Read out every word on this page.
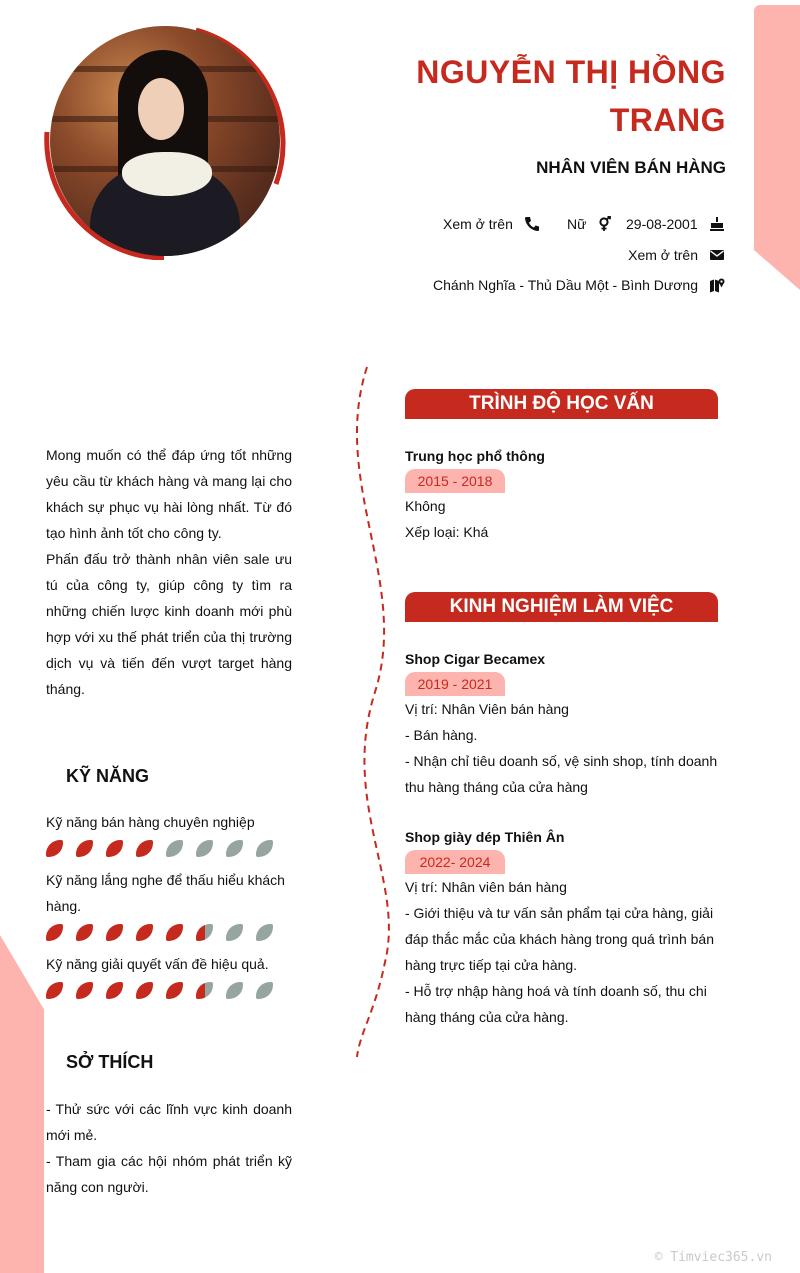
NGUYỄN THỊ HỒNG TRANG
NHÂN VIÊN BÁN HÀNG
Xem ở trên	Nữ	29-08-2001
Xem ở trên
Chánh Nghĩa - Thủ Dầu Một - Bình Dương
Mong muốn có thể đáp ứng tốt những yêu cầu từ khách hàng và mang lại cho khách sự phục vụ hài lòng nhất. Từ đó tạo hình ảnh tốt cho công ty.
Phấn đấu trở thành nhân viên sale ưu tú của công ty, giúp công ty tìm ra những chiến lược kinh doanh mới phù hợp với xu thế phát triển của thị trường dịch vụ và tiến đến vượt target hàng tháng.
KỸ NĂNG
Kỹ năng bán hàng chuyên nghiệp
Kỹ năng lắng nghe để thấu hiểu khách hàng.
Kỹ năng giải quyết vấn đề hiệu quả.
SỞ THÍCH
- Thử sức với các lĩnh vực kinh doanh mới mẻ.
- Tham gia các hội nhóm phát triển kỹ năng con người.
TRÌNH ĐỘ HỌC VẤN
Trung học phổ thông
2015 - 2018
Không
Xếp loại: Khá
KINH NGHIỆM LÀM VIỆC
Shop Cigar Becamex
2019 - 2021
Vị trí: Nhân Viên bán hàng
- Bán hàng.
- Nhận chỉ tiêu doanh số, vệ sinh shop, tính doanh thu hàng tháng của cửa hàng
Shop giày dép Thiên Ân
2022- 2024
Vị trí: Nhân viên bán hàng
- Giới thiệu và tư vấn sản phẩm tại cửa hàng, giải đáp thắc mắc của khách hàng trong quá trình bán hàng trực tiếp tại cửa hàng.
- Hỗ trợ nhập hàng hoá và tính doanh số, thu chi hàng tháng của cửa hàng.
© Timviec365.vn
